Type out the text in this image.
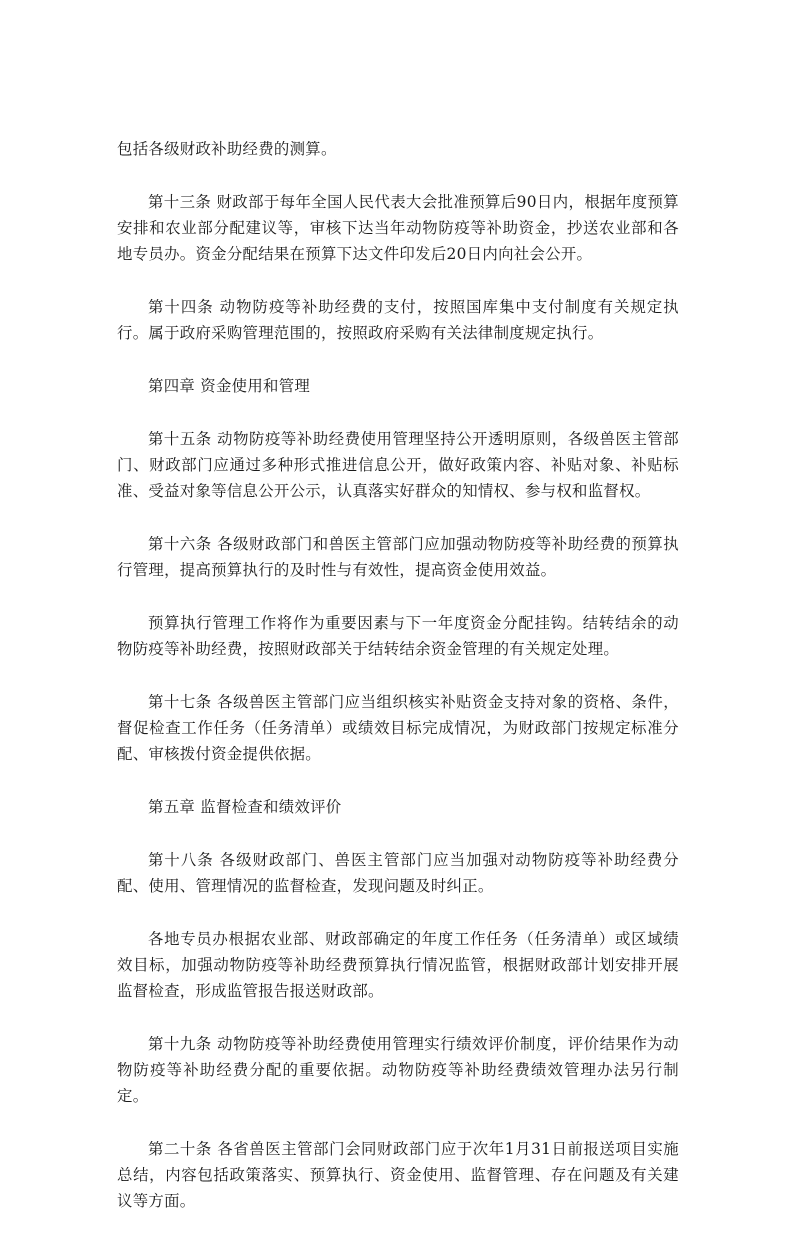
包括各级财政补助经费的测算。

第十三条 财政部于每年全国人民代表大会批准预算后90日内，根据年度预算安排和农业部分配建议等，审核下达当年动物防疫等补助资金，抄送农业部和各地专员办。资金分配结果在预算下达文件印发后20日内向社会公开。

第十四条 动物防疫等补助经费的支付，按照国库集中支付制度有关规定执行。属于政府采购管理范围的，按照政府采购有关法律制度规定执行。

第四章 资金使用和管理

第十五条 动物防疫等补助经费使用管理坚持公开透明原则，各级兽医主管部门、财政部门应通过多种形式推进信息公开，做好政策内容、补贴对象、补贴标准、受益对象等信息公开公示，认真落实好群众的知情权、参与权和监督权。

第十六条 各级财政部门和兽医主管部门应加强动物防疫等补助经费的预算执行管理，提高预算执行的及时性与有效性，提高资金使用效益。

预算执行管理工作将作为重要因素与下一年度资金分配挂钩。结转结余的动物防疫等补助经费，按照财政部关于结转结余资金管理的有关规定处理。

第十七条 各级兽医主管部门应当组织核实补贴资金支持对象的资格、条件，督促检查工作任务（任务清单）或绩效目标完成情况，为财政部门按规定标准分配、审核拨付资金提供依据。

第五章 监督检查和绩效评价

第十八条 各级财政部门、兽医主管部门应当加强对动物防疫等补助经费分配、使用、管理情况的监督检查，发现问题及时纠正。

各地专员办根据农业部、财政部确定的年度工作任务（任务清单）或区域绩效目标，加强动物防疫等补助经费预算执行情况监管，根据财政部计划安排开展监督检查，形成监管报告报送财政部。

第十九条 动物防疫等补助经费使用管理实行绩效评价制度，评价结果作为动物防疫等补助经费分配的重要依据。动物防疫等补助经费绩效管理办法另行制定。

第二十条 各省兽医主管部门会同财政部门应于次年1月31日前报送项目实施总结，内容包括政策落实、预算执行、资金使用、监督管理、存在问题及有关建议等方面。
